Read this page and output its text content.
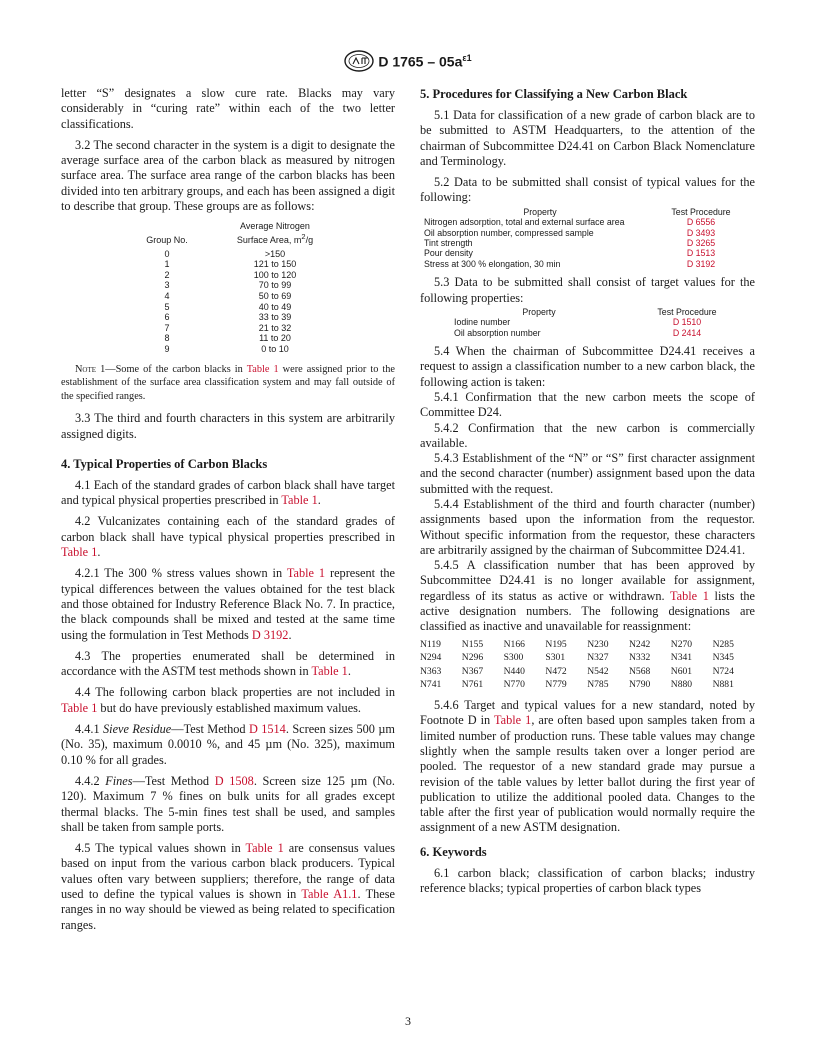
D $1765 - 05a^{\varepsilon 1}$

letter “S” designates a slow cure rate. Blacks may vary considerably in “curing rate” within each of the two letter classifications.

3.2 The second character in the system is a digit to designate the average surface area of the carbon black as measured by nitrogen surface area. The surface area range of the carbon blacks has been divided into ten arbitrary groups, and each has been assigned a digit to describe that group. These groups are as follows:

Group No.	Average Nitrogen
Surface Area, $m^2/g$

0	>150
1	121 to 150
2	100 to 120
3	70 to 99
4	50 to 69
5	40 to 49
6	33 to 39
7	21 to 32
8	11 to 20
9	0 to 10
Note 1—Some of the carbon blacks in Table 1 were assigned prior to the establishment of the surface area classification system and may fall outside of the specified ranges.

3.3 The third and fourth characters in this system are arbitrarily assigned digits.

4. Typical Properties of Carbon Blacks

4.1 Each of the standard grades of carbon black shall have target and typical physical properties prescribed in Table 1.

4.2 Vulcanizates containing each of the standard grades of carbon black shall have typical physical properties prescribed in Table 1.

4.2.1 The 300 % stress values shown in Table 1 represent the typical differences between the values obtained for the test black and those obtained for Industry Reference Black No. 7. In practice, the black compounds shall be mixed and tested at the same time using the formulation in Test Methods D 3192.

4.3 The properties enumerated shall be determined in accordance with the ASTM test methods shown in Table 1.

4.4 The following carbon black properties are not included in Table 1 but do have previously established maximum values.

4.4.1 Sieve Residue—Test Method D 1514. Screen sizes 500 µm (No. 35), maximum 0.0010 %, and 45 µm (No. 325), maximum 0.10 % for all grades.

4.4.2 Fines—Test Method D 1508. Screen size 125 µm (No. 120). Maximum 7 % fines on bulk units for all grades except thermal blacks. The 5-min fines test shall be used, and samples shall be taken from sample ports.

4.5 The typical values shown in Table 1 are consensus values based on input from the various carbon black producers. Typical values often vary between suppliers; therefore, the range of data used to define the typical values is shown in Table A1.1. These ranges in no way should be viewed as being related to specification ranges.

5. Procedures for Classifying a New Carbon Black

5.1 Data for classification of a new grade of carbon black are to be submitted to ASTM Headquarters, to the attention of the chairman of Subcommittee D24.41 on Carbon Black Nomenclature and Terminology.

5.2 Data to be submitted shall consist of typical values for the following:

Property	Test Procedure
Nitrogen adsorption, total and external surface area	D 6556
Oil absorption number, compressed sample	D 3493
Tint strength	D 3265
Pour density	D 1513
Stress at 300 % elongation, 30 min	D 3192

5.3 Data to be submitted shall consist of target values for the following properties:

Property	Test Procedure
Iodine number	D 1510
Oil absorption number	D 2414

5.4 When the chairman of Subcommittee D24.41 receives a request to assign a classification number to a new carbon black, the following action is taken:

5.4.1 Confirmation that the new carbon meets the scope of Committee D24.

5.4.2 Confirmation that the new carbon is commercially available.

5.4.3 Establishment of the “N” or “S” first character assignment and the second character (number) assignment based upon the data submitted with the request.

5.4.4 Establishment of the third and fourth character (number) assignments based upon the information from the requestor. Without specific information from the requestor, these characters are arbitrarily assigned by the chairman of Subcommittee D24.41.

5.4.5 A classification number that has been approved by Subcommittee D24.41 is no longer available for assignment, regardless of its status as active or withdrawn. Table 1 lists the active designation numbers. The following designations are classified as inactive and unavailable for reassignment:

N119	N155	N166	N195	N230	N242	N270	N285
N294	N296	S300	S301	N327	N332	N341	N345
N363	N367	N440	N472	N542	N568	N601	N724
N741	N761	N770	N779	N785	N790	N880	N881

5.4.6 Target and typical values for a new standard, noted by Footnote D in Table 1, are often based upon samples taken from a limited number of production runs. These table values may change slightly when the sample results taken over a longer period are pooled. The requestor of a new standard grade may pursue a revision of the table values by letter ballot during the first year of publication to utilize the additional pooled data. Changes to the table after the first year of publication would normally require the assignment of a new ASTM designation.

6. Keywords

6.1 carbon black; classification of carbon blacks; industry reference blacks; typical properties of carbon black types

3
